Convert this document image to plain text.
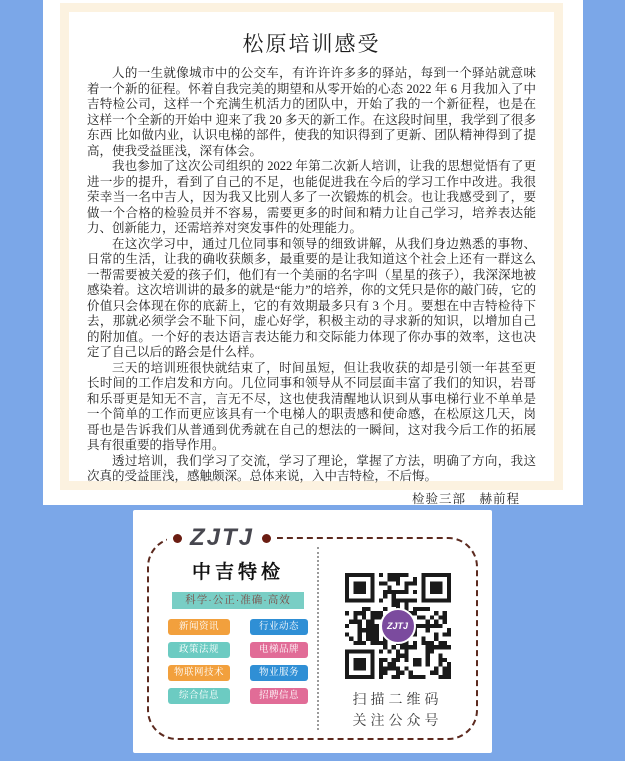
松原培训感受

人的一生就像城市中的公交车，有许许许多多的驿站，每到一个驿站就意味着一个新的征程。怀着自我完美的期望和从零开始的心态 2022 年 6 月我加入了中吉特检公司，这样一个充满生机活力的团队中，开始了我的一个新征程，也是在这样一个全新的开始中 迎来了我 20 多天的新工作。在这段时间里，我学到了很多东西 比如做内业，认识电梯的部件，使我的知识得到了更新、团队精神得到了提高，使我受益匪浅，深有体会。

我也参加了这次公司组织的 2022 年第二次新人培训，让我的思想觉悟有了更进一步的提升，看到了自己的不足，也能促进我在今后的学习工作中改进。我很荣幸当一名中吉人，因为我又比别人多了一次锻炼的机会。也让我感受到了，要做一个合格的检验员并不容易，需要更多的时间和精力让自己学习，培养表达能力、创新能力，还需培养对突发事件的处理能力。

在这次学习中，通过几位同事和领导的细致讲解，从我们身边熟悉的事物、日常的生活，让我的确收获颇多，最重要的是让我知道这个社会上还有一群这么一帮需要被关爱的孩子们，他们有一个美丽的名字叫（星星的孩子），我深深地被感染着。这次培训讲的最多的就是“能力”的培养，你的文凭只是你的敲门砖，它的价值只会体现在你的底薪上，它的有效期最多只有 3 个月。要想在中吉特检待下去，那就必须学会不耻下问，虚心好学，积极主动的寻求新的知识，以增加自己的附加值。一个好的表达语言表达能力和交际能力体现了你办事的效率，这也决定了自己以后的路会是什么样。

三天的培训班很快就结束了，时间虽短，但让我收获的却是引领一年甚至更长时间的工作启发和方向。几位同事和领导从不同层面丰富了我们的知识，岩哥和乐哥更是知无不言，言无不尽，这也使我清醒地认识到从事电梯行业不单单是一个简单的工作而更应该具有一个电梯人的职责感和使命感，在松原这几天，岗哥也是告诉我们从普通到优秀就在自己的想法的一瞬间，这对我今后工作的拓展具有很重要的指导作用。

透过培训，我们学习了交流，学习了理论，掌握了方法，明确了方向，我这次真的受益匪浅，感触颇深。总体来说，入中吉特检，不后悔。

检验三部　赫前程
ZJTJ
中吉特检
科学·公正·准确·高效
新闻资讯	行业动态
政策法规	电梯品牌
物联网技术	物业服务
综合信息	招聘信息
ZJTJ
扫描二维码
关注公众号
